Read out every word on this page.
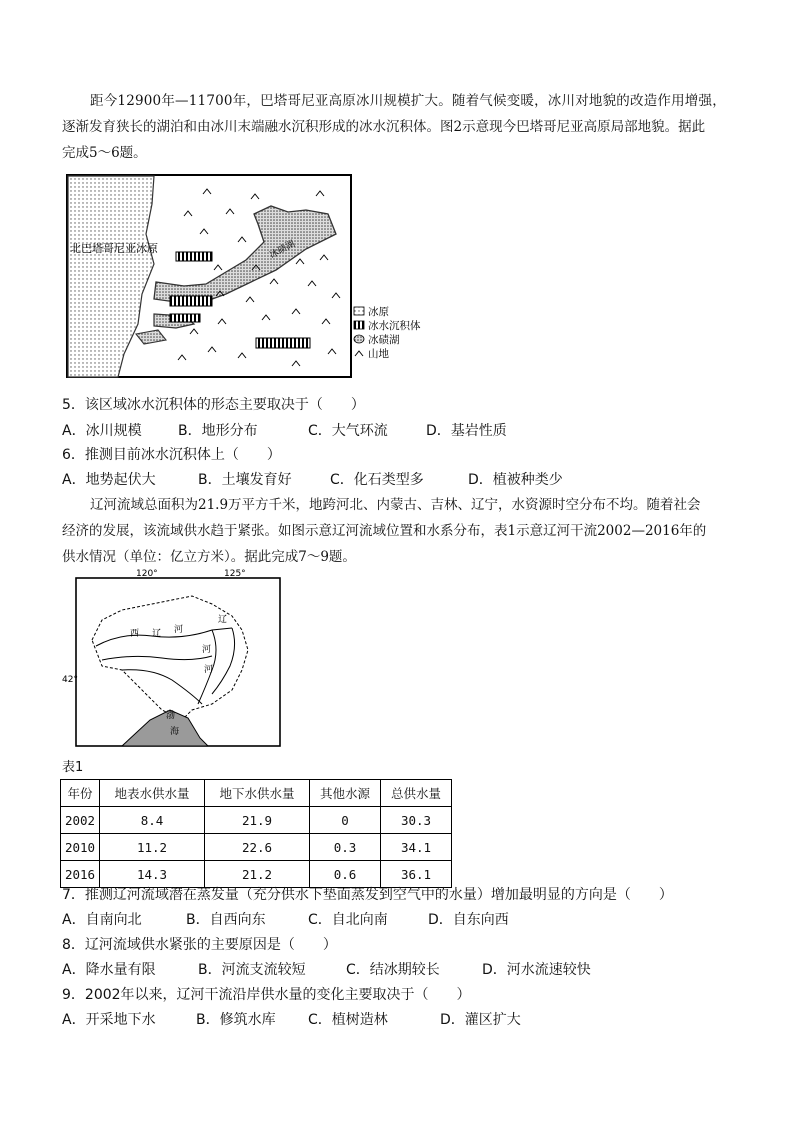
距今12900年—11700年，巴塔哥尼亚高原冰川规模扩大。随着气候变暖，冰川对地貌的改造作用增强，
逐渐发育狭长的湖泊和由冰川末端融水沉积形成的冰水沉积体。图2示意现今巴塔哥尼亚高原局部地貌。据此
完成5～6题。
北巴塔哥尼亚冰原	冰碛湖
冰原
冰水沉积体
冰碛湖
山地
5．该区域冰水沉积体的形态主要取决于（　　）

A．冰川规模

	B．地形分布

	C．大气环流

	D．基岩性质

6．推测目前冰水沉积体上（　　）

A．地势起伏大

	B．土壤发育好

	C．化石类型多

	D．植被种类少

辽河流域总面积为21.9万平方千米，地跨河北、内蒙古、吉林、辽宁，水资源时空分布不均。随着社会
经济的发展，该流域供水趋于紧张。如图示意辽河流域位置和水系分布，表1示意辽河干流2002—2016年的
供水情况（单位：亿立方米）。据此完成7～9题。
120°	125°
42°
西 辽 河
辽
河
河
渤
海
表1
年份	地表水供水量	地下水供水量	其他水源	总供水量
2002	8.4	21.9	0	30.3
2010	11.2	22.6	0.3	34.1
2016	14.3	21.2	0.6	36.1
7．推测辽河流域潜在蒸发量（充分供水下垫面蒸发到空气中的水量）增加最明显的方向是（　　）

A．自南向北

	B．自西向东

	C．自北向南

	D．自东向西

8．辽河流域供水紧张的主要原因是（　　）

A．降水量有限

	B．河流支流较短

	C．结冰期较长

	D．河水流速较快

9．2002年以来，辽河干流沿岸供水量的变化主要取决于（　　）

A．开采地下水

	B．修筑水库

C．植树造林

	D．灌区扩大
